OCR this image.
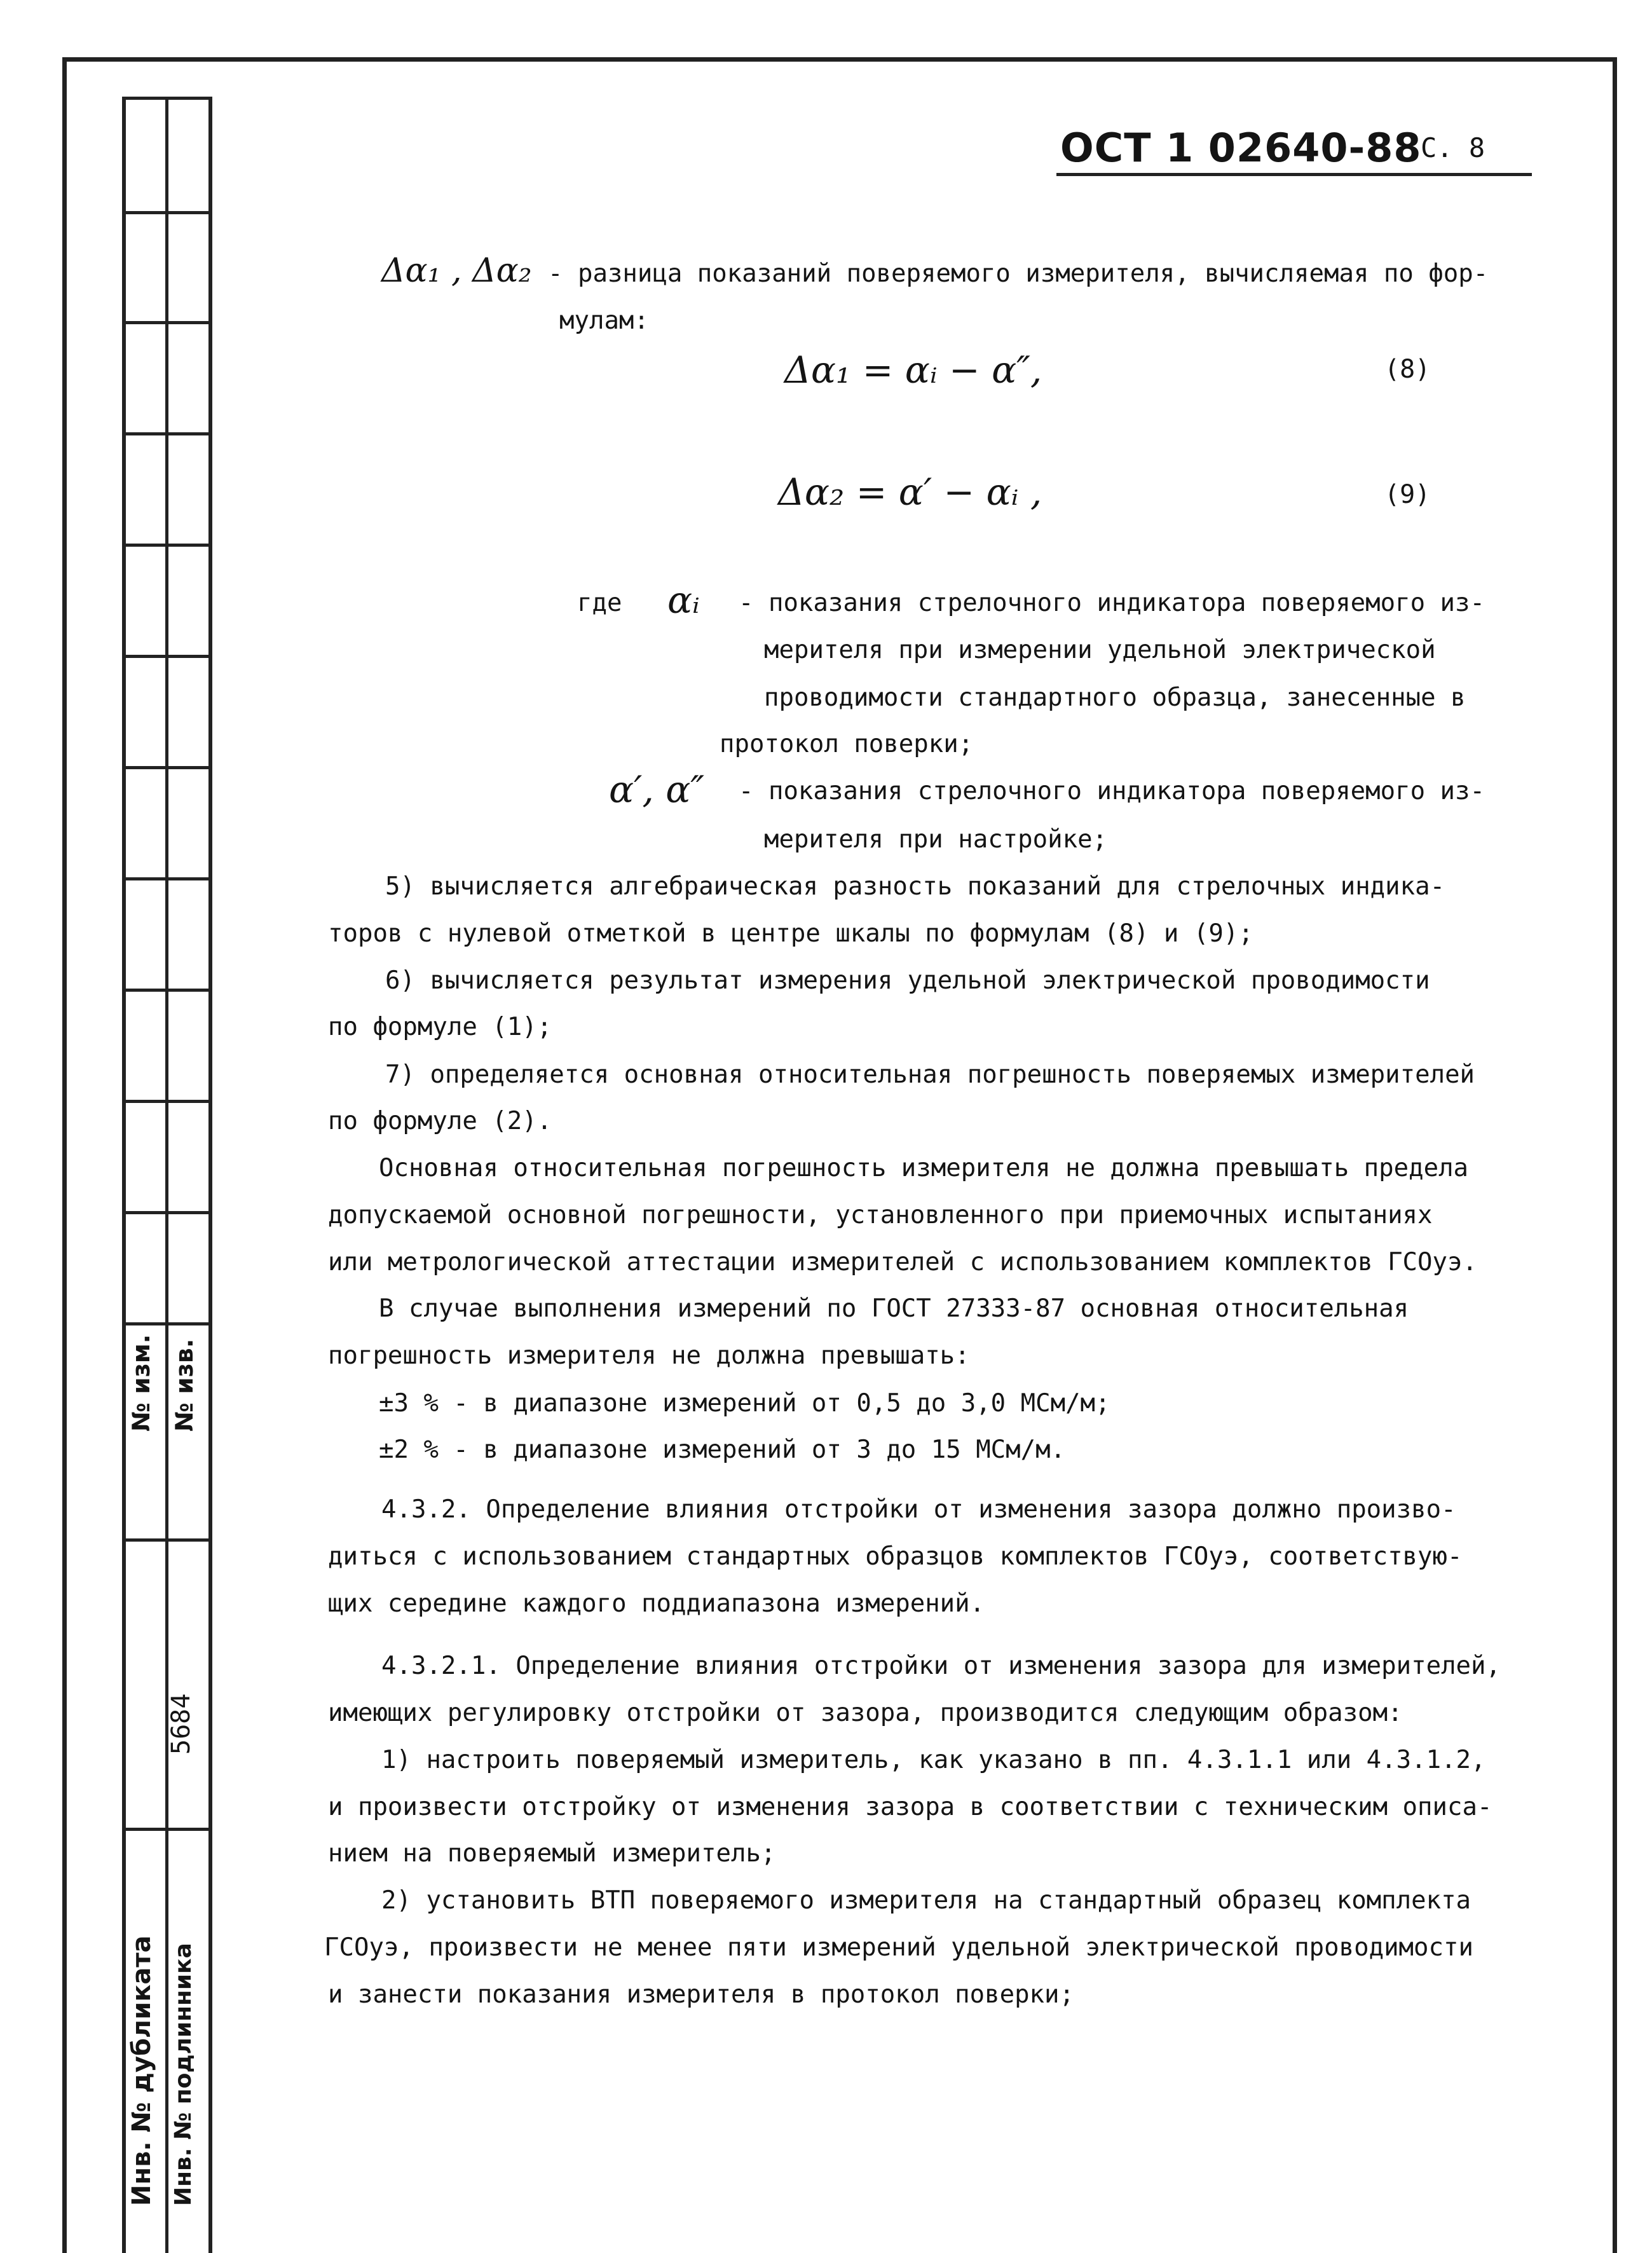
№ изм. № изв.
5684
Инв. № дубликата Инв. № подлинника
ОСТ 1 02640-88
С. 8
Δα₁ , Δα₂ - разница показаний поверяемого измерителя, вычисляемая по фор-
мулам:
Δα₁ = αᵢ − α″,	(8)
Δα₂ = α′ − αᵢ ,	(9)
где αᵢ - показания стрелочного индикатора поверяемого из-
мерителя при измерении удельной электрической
проводимости стандартного образца, занесенные в
протокол поверки;
α′, α″ - показания стрелочного индикатора поверяемого из-
мерителя при настройке;
5) вычисляется алгебраическая разность показаний для стрелочных индика-
торов с нулевой отметкой в центре шкалы по формулам (8) и (9);
6) вычисляется результат измерения удельной электрической проводимости
по формуле (1);
7) определяется основная относительная погрешность поверяемых измерителей
по формуле (2).
Основная относительная погрешность измерителя не должна превышать предела
допускаемой основной погрешности, установленного при приемочных испытаниях
или метрологической аттестации измерителей с использованием комплектов ГСОуэ.
В случае выполнения измерений по ГОСТ 27333-87 основная относительная
погрешность измерителя не должна превышать:
±3 % - в диапазоне измерений от 0,5 до 3,0 МСм/м;
±2 % - в диапазоне измерений от 3 до 15 МСм/м.
4.3.2. Определение влияния отстройки от изменения зазора должно произво-
диться с использованием стандартных образцов комплектов ГСОуэ, соответствую-
щих середине каждого поддиапазона измерений.
4.3.2.1. Определение влияния отстройки от изменения зазора для измерителей,
имеющих регулировку отстройки от зазора, производится следующим образом:
1) настроить поверяемый измеритель, как указано в пп. 4.3.1.1 или 4.3.1.2,
и произвести отстройку от изменения зазора в соответствии с техническим описа-
нием на поверяемый измеритель;
2) установить ВТП поверяемого измерителя на стандартный образец комплекта
ГСОуэ, произвести не менее пяти измерений удельной электрической проводимости
и занести показания измерителя в протокол поверки;
